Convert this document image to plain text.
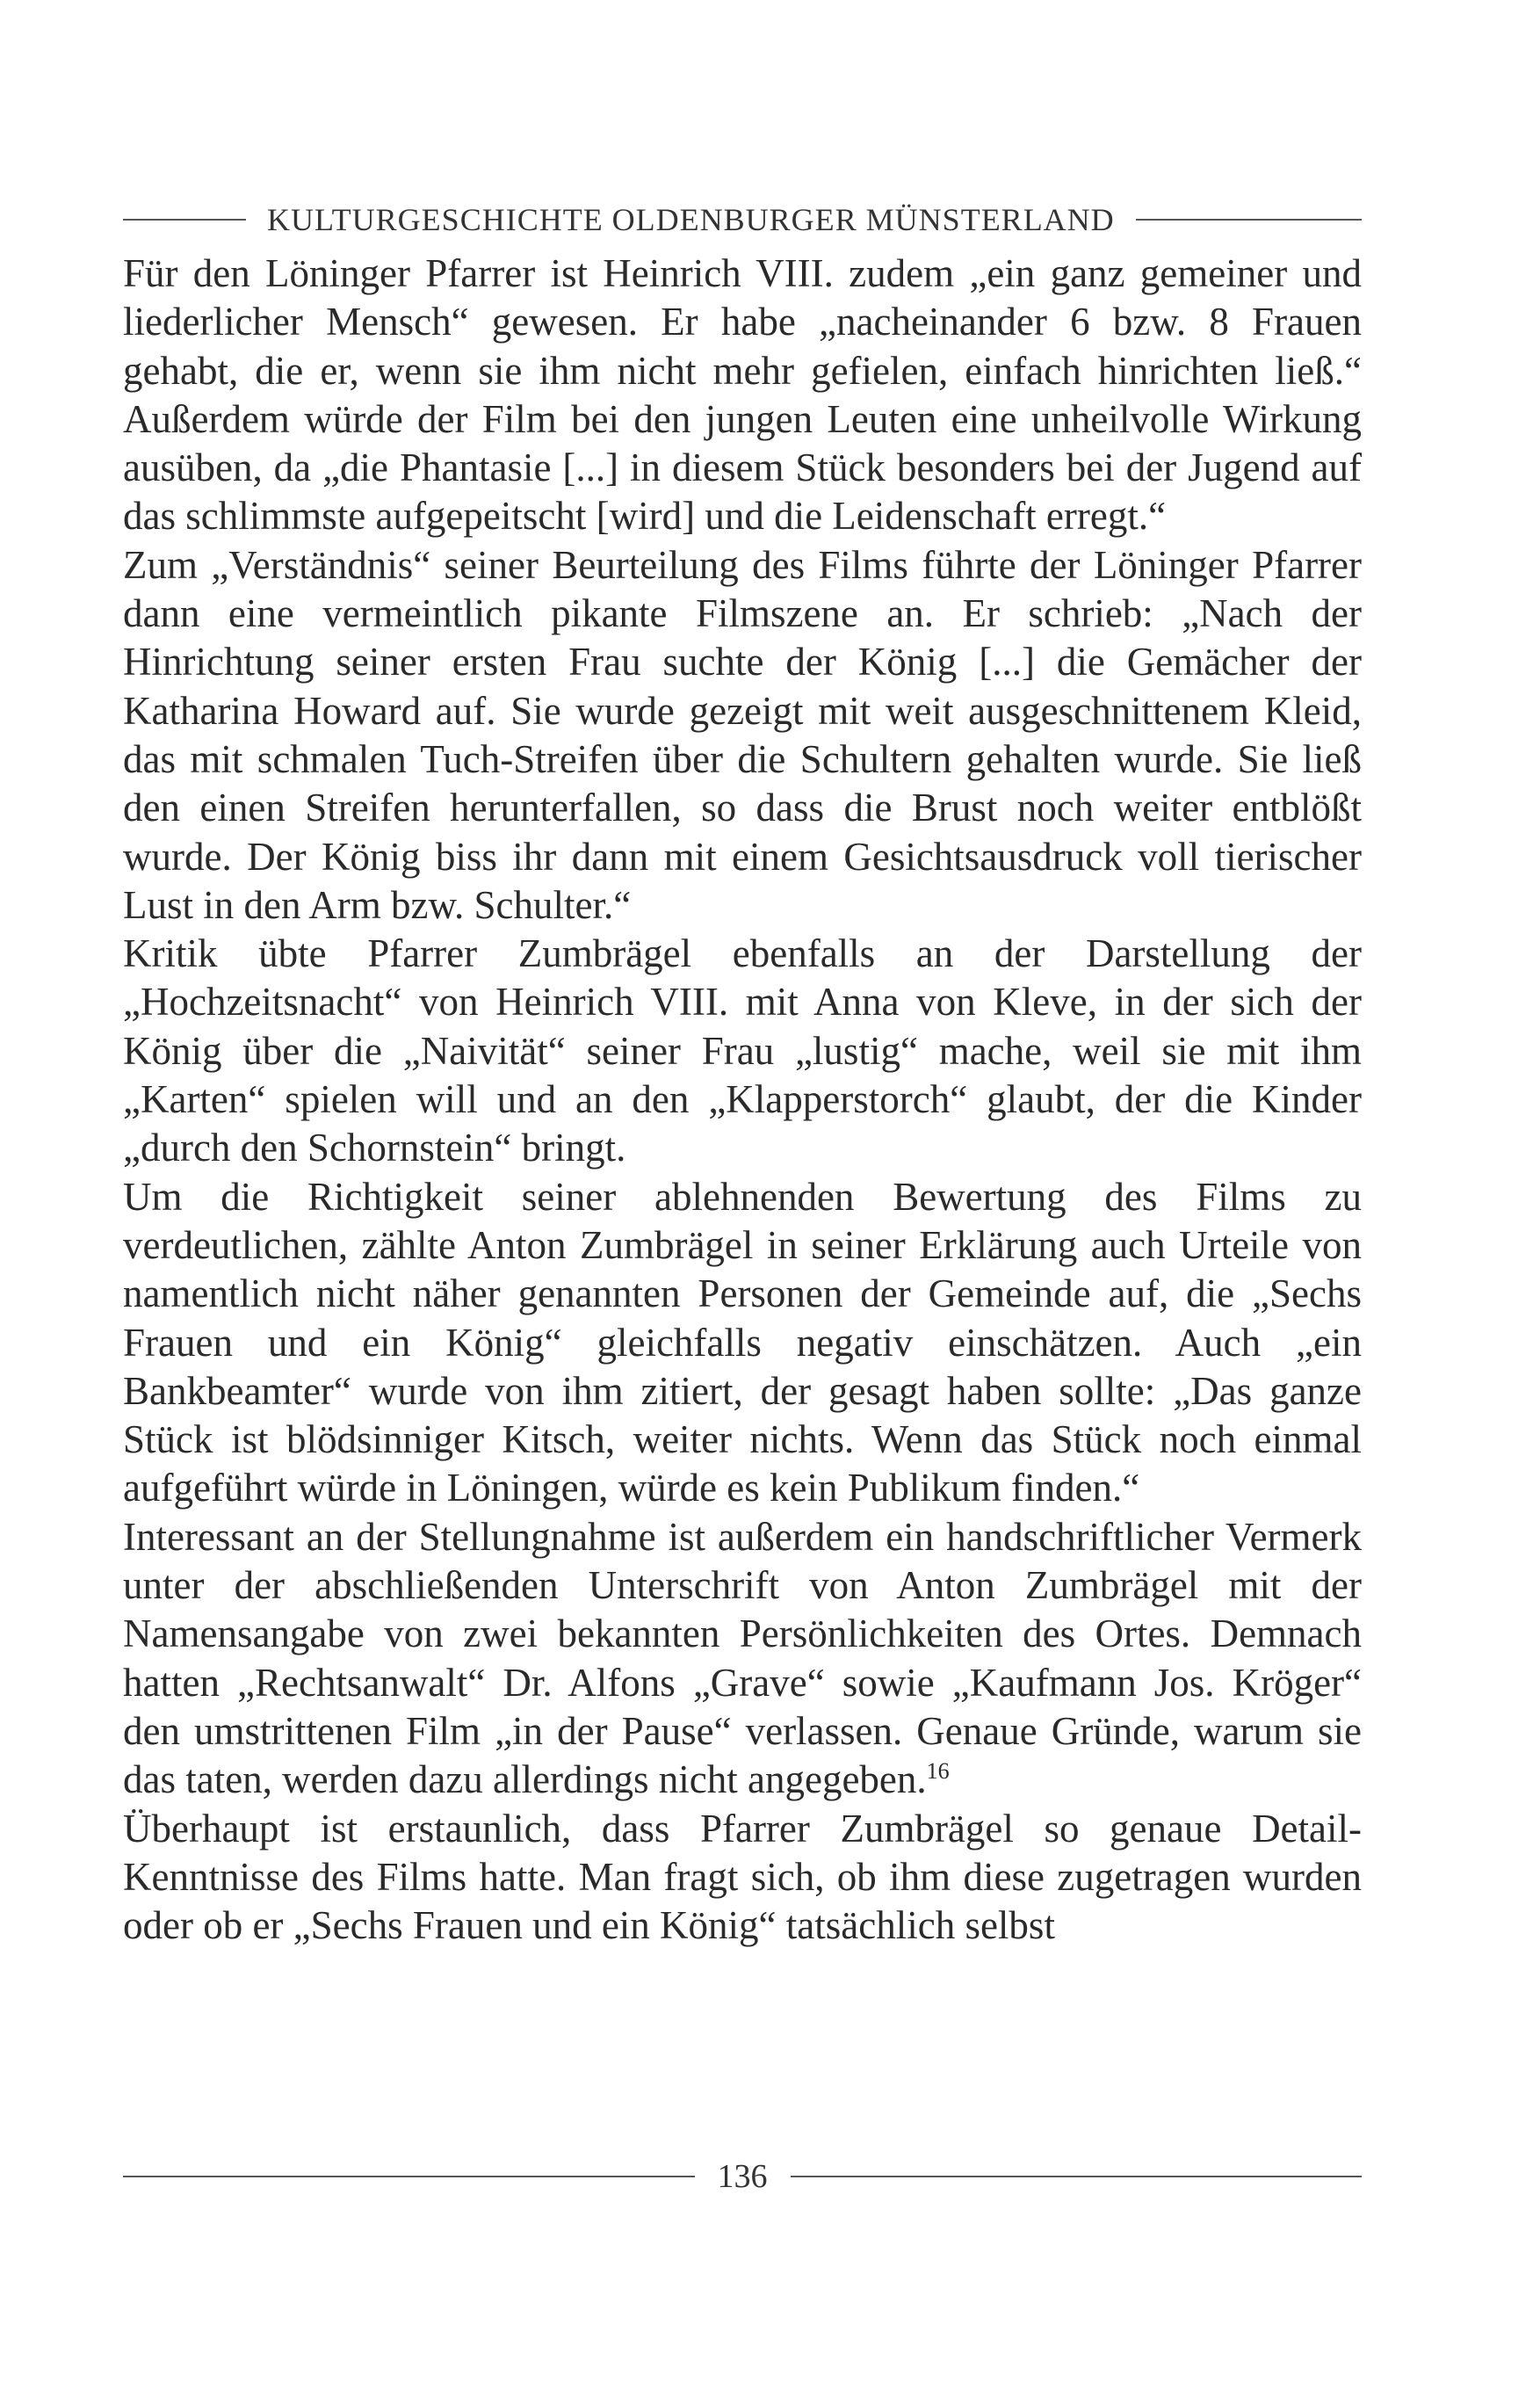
KULTURGESCHICHTE OLDENBURGER MÜNSTERLAND

Für den Löninger Pfarrer ist Heinrich VIII. zudem „ein ganz gemeiner und liederlicher Mensch“ gewesen. Er habe „nacheinander 6 bzw. 8 Frauen gehabt, die er, wenn sie ihm nicht mehr gefielen, einfach hinrichten ließ.“ Außerdem würde der Film bei den jungen Leuten eine unheilvolle Wirkung ausüben, da „die Phantasie [...] in diesem Stück besonders bei der Jugend auf das schlimmste aufgepeitscht [wird] und die Leidenschaft erregt.“

Zum „Verständnis“ seiner Beurteilung des Films führte der Löninger Pfarrer dann eine vermeintlich pikante Filmszene an. Er schrieb: „Nach der Hinrichtung seiner ersten Frau suchte der König [...] die Gemächer der Katharina Howard auf. Sie wurde gezeigt mit weit ausgeschnittenem Kleid, das mit schmalen Tuch-Streifen über die Schultern gehalten wurde. Sie ließ den einen Streifen herunterfallen, so dass die Brust noch weiter entblößt wurde. Der König biss ihr dann mit einem Gesichtsausdruck voll tierischer Lust in den Arm bzw. Schulter.“

Kritik übte Pfarrer Zumbrägel ebenfalls an der Darstellung der „Hochzeitsnacht“ von Heinrich VIII. mit Anna von Kleve, in der sich der König über die „Naivität“ seiner Frau „lustig“ mache, weil sie mit ihm „Karten“ spielen will und an den „Klapperstorch“ glaubt, der die Kinder „durch den Schornstein“ bringt.

Um die Richtigkeit seiner ablehnenden Bewertung des Films zu verdeutlichen, zählte Anton Zumbrägel in seiner Erklärung auch Urteile von namentlich nicht näher genannten Personen der Gemeinde auf, die „Sechs Frauen und ein König“ gleichfalls negativ einschätzen. Auch „ein Bankbeamter“ wurde von ihm zitiert, der gesagt haben sollte: „Das ganze Stück ist blödsinniger Kitsch, weiter nichts. Wenn das Stück noch einmal aufgeführt würde in Löningen, würde es kein Publikum finden.“

Interessant an der Stellungnahme ist außerdem ein handschriftlicher Vermerk unter der abschließenden Unterschrift von Anton Zumbrägel mit der Namensangabe von zwei bekannten Persönlichkeiten des Ortes. Demnach hatten „Rechtsanwalt“ Dr. Alfons „Grave“ sowie „Kaufmann Jos. Kröger“ den umstrittenen Film „in der Pause“ verlassen. Genaue Gründe, warum sie das taten, werden dazu allerdings nicht angegeben.$^{16}$

Überhaupt ist erstaunlich, dass Pfarrer Zumbrägel so genaue Detail-Kenntnisse des Films hatte. Man fragt sich, ob ihm diese zugetragen wurden oder ob er „Sechs Frauen und ein König“ tatsächlich selbst

136
